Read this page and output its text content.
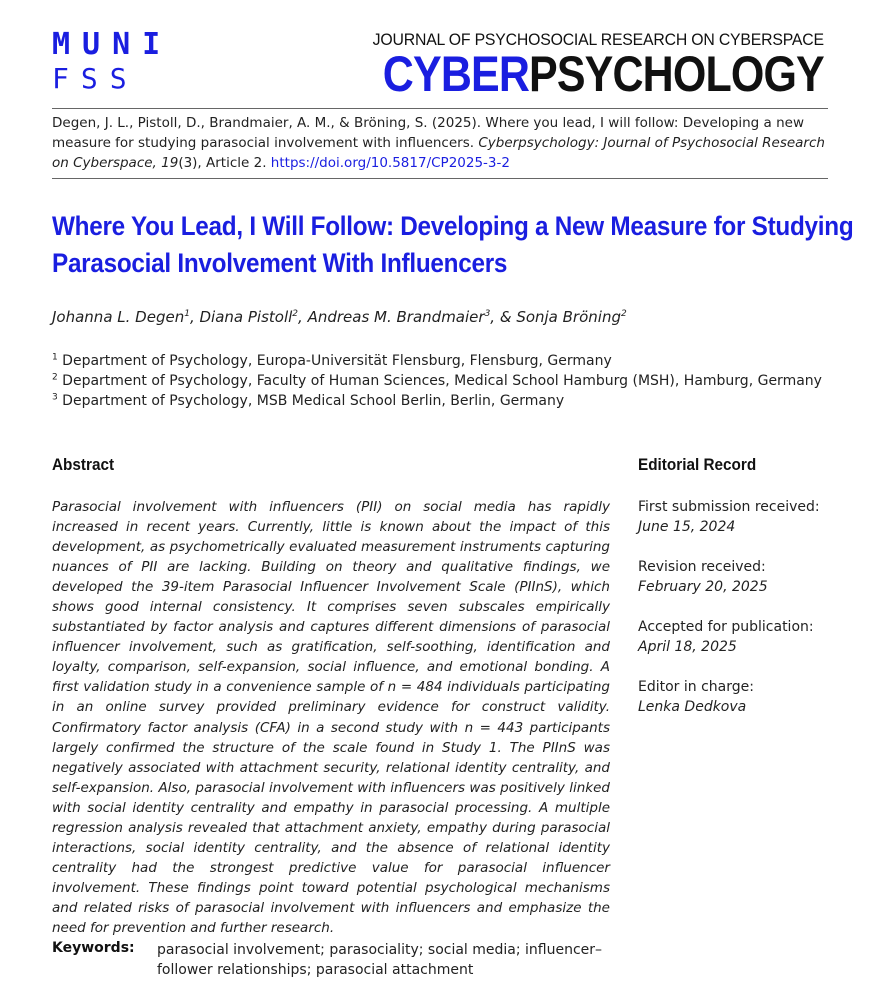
MUNI
FSS
JOURNAL OF PSYCHOSOCIAL RESEARCH ON CYBERSPACE
CYBERPSYCHOLOGY
Degen, J. L., Pistoll, D., Brandmaier, A. M., & Bröning, S. (2025). Where you lead, I will follow: Developing a new measure for studying parasocial involvement with influencers. Cyberpsychology: Journal of Psychosocial Research on Cyberspace, 19(3), Article 2. https://doi.org/10.5817/CP2025-3-2
Where You Lead, I Will Follow: Developing a New Measure for Studying
Parasocial Involvement With Influencers
Johanna L. Degen$^1$, Diana Pistoll$^2$, Andreas M. Brandmaier$^3$, & Sonja Bröning$^2$
$^1$ Department of Psychology, Europa-Universität Flensburg, Flensburg, Germany
$^2$ Department of Psychology, Faculty of Human Sciences, Medical School Hamburg (MSH), Hamburg, Germany
$^3$ Department of Psychology, MSB Medical School Berlin, Berlin, Germany
Abstract	Editorial Record
Parasocial involvement with influencers (PII) on social media has rapidly increased in recent years. Currently, little is known about the impact of this development, as psychometrically evaluated measurement instruments capturing nuances of PII are lacking. Building on theory and qualitative findings, we developed the 39-item Parasocial Influencer Involvement Scale (PIInS), which shows good internal consistency. It comprises seven subscales empirically substantiated by factor analysis and captures different dimensions of parasocial influencer involvement, such as gratification, self-soothing, identification and loyalty, comparison, self-expansion, social influence, and emotional bonding. A first validation study in a convenience sample of n = 484 individuals participating in an online survey provided preliminary evidence for construct validity. Confirmatory factor analysis (CFA) in a second study with n = 443 participants largely confirmed the structure of the scale found in Study 1. The PIInS was negatively associated with attachment security, relational identity centrality, and self-expansion. Also, parasocial involvement with influencers was positively linked with social identity centrality and empathy in parasocial processing. A multiple regression analysis revealed that attachment anxiety, empathy during parasocial interactions, social identity centrality, and the absence of relational identity centrality had the strongest predictive value for parasocial influencer involvement. These findings point toward potential psychological mechanisms and related risks of parasocial involvement with influencers and emphasize the need for prevention and further research.
First submission received:
June 15, 2024
Revision received:
February 20, 2025
Accepted for publication:
April 18, 2025
Editor in charge:
Lenka Dedkova
Keywords: parasocial involvement; parasociality; social media; influencer–follower relationships; parasocial attachment
